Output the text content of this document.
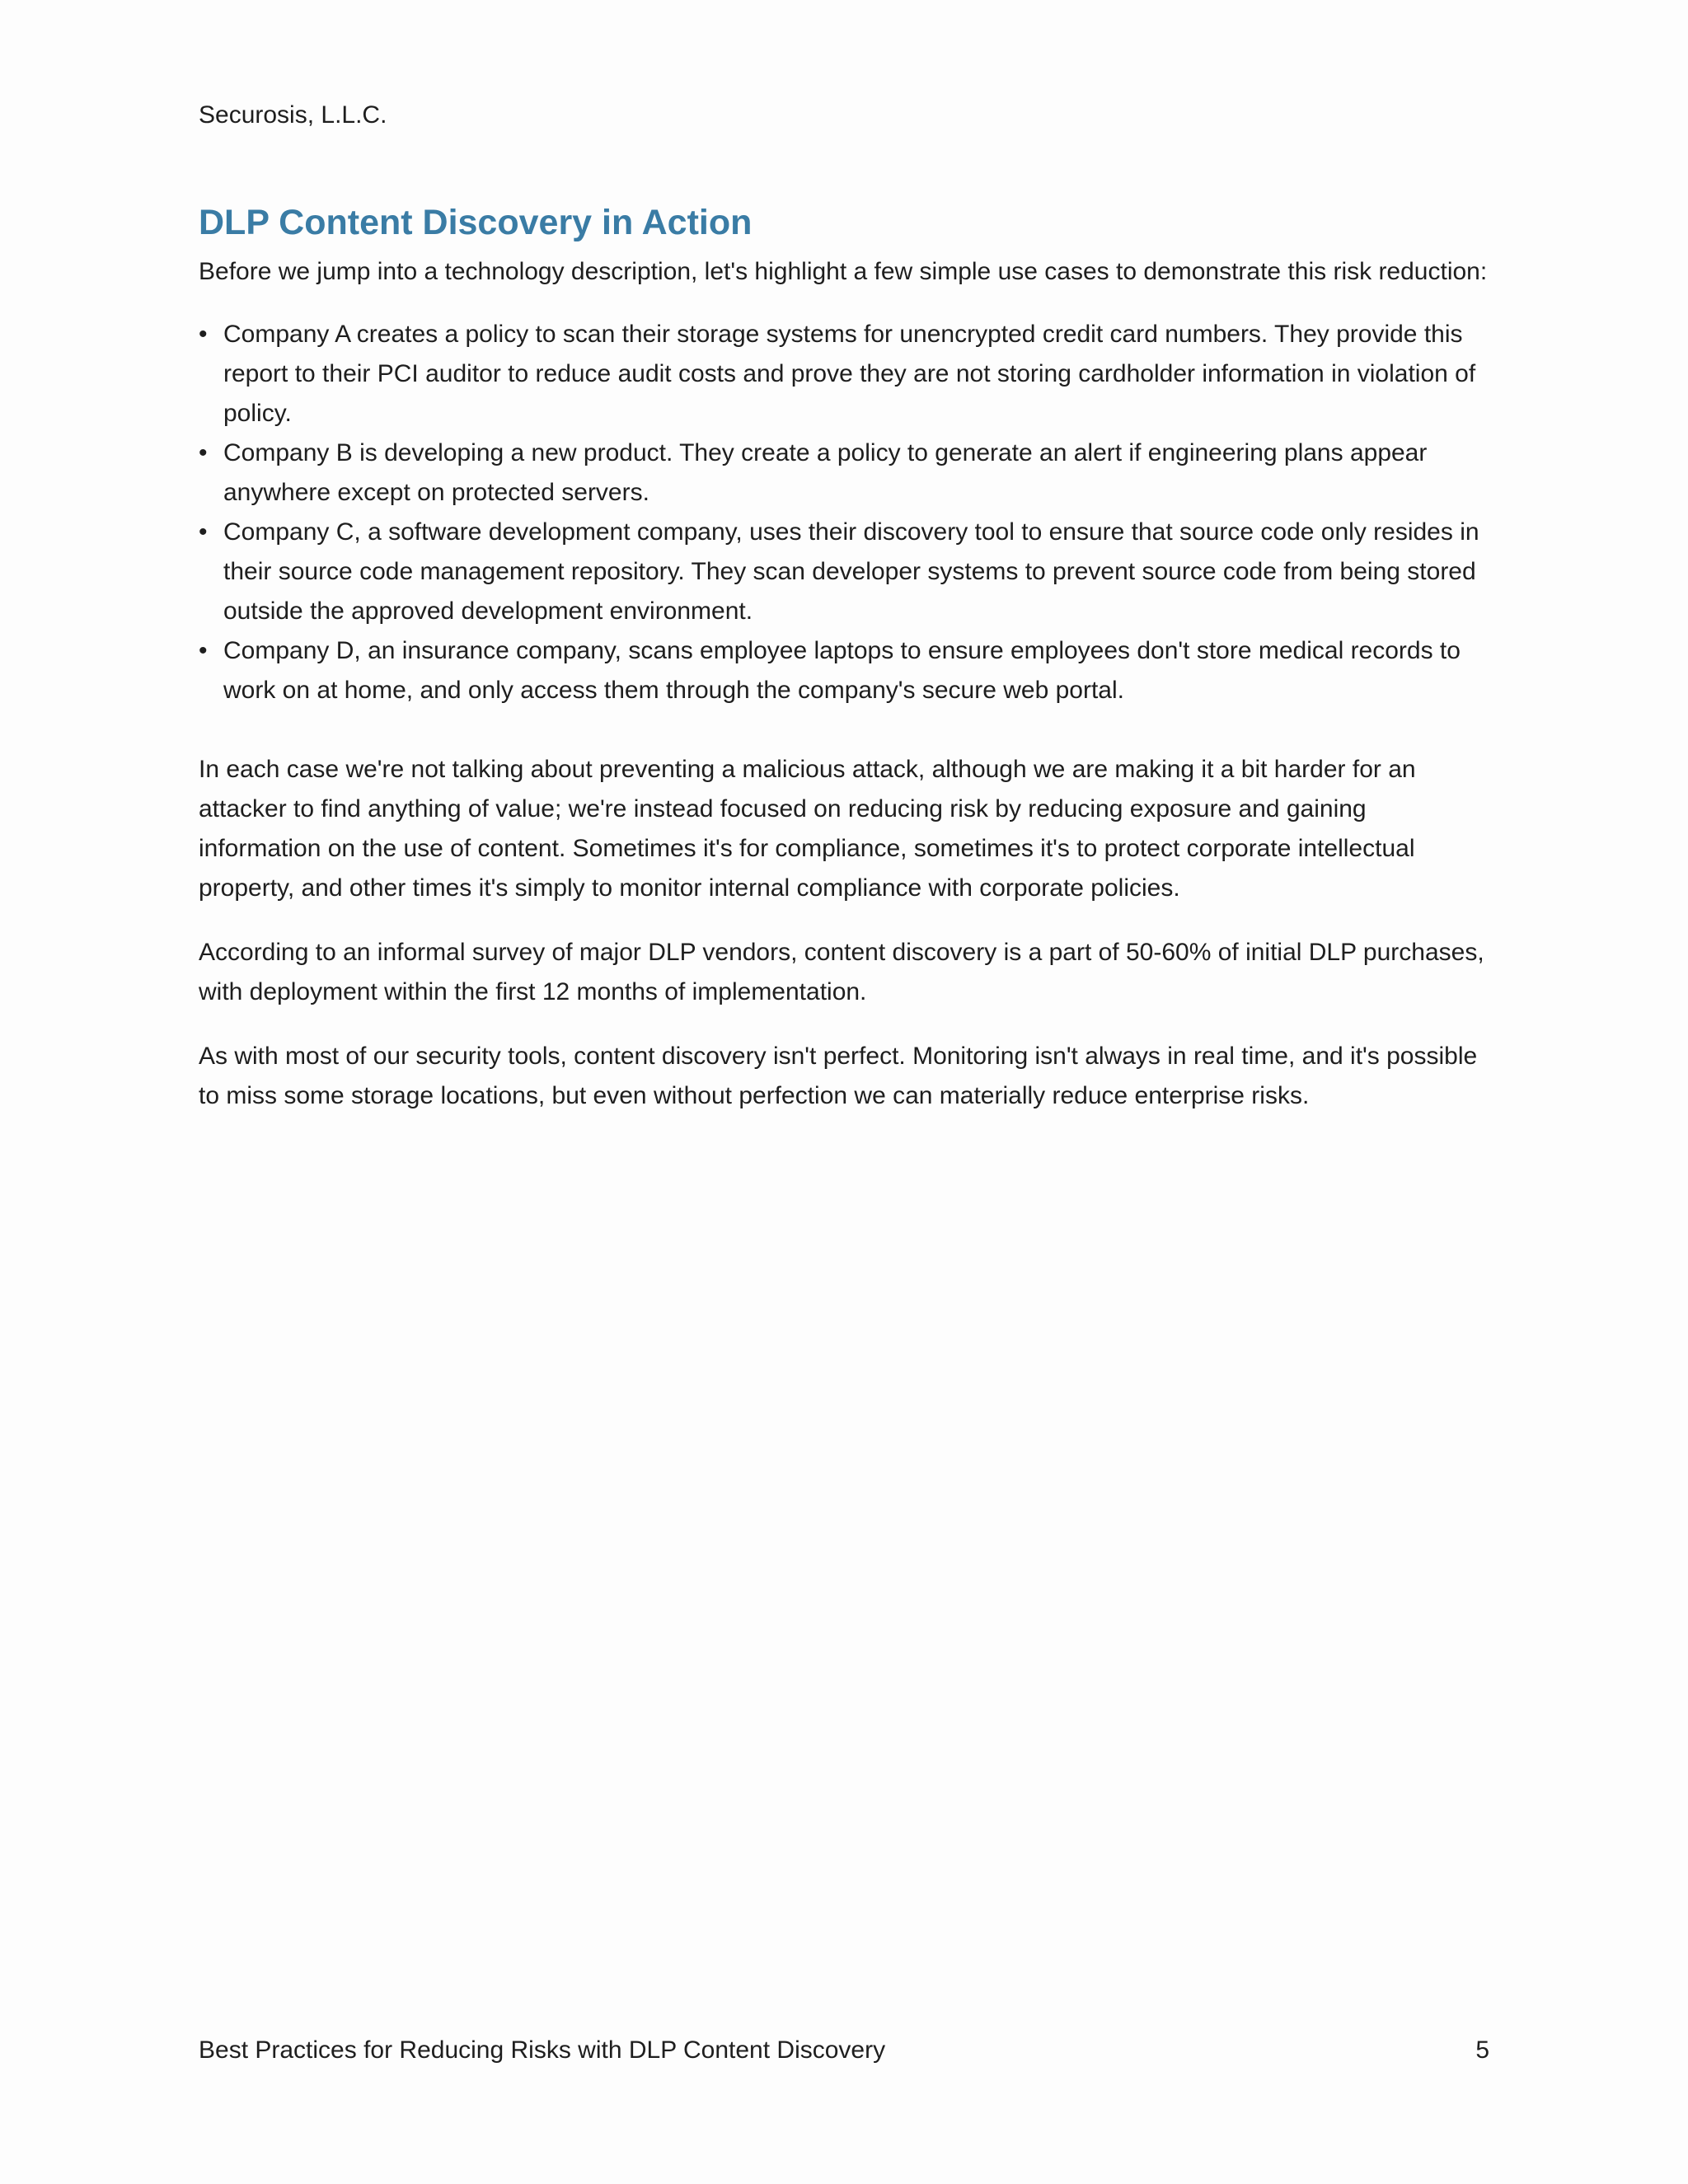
Securosis, L.L.C.
DLP Content Discovery in Action

Before we jump into a technology description, let's highlight a few simple use cases to demonstrate this risk reduction:

• Company A creates a policy to scan their storage systems for unencrypted credit card numbers. They provide this report to their PCI auditor to reduce audit costs and prove they are not storing cardholder information in violation of policy.
• Company B is developing a new product. They create a policy to generate an alert if engineering plans appear anywhere except on protected servers.
• Company C, a software development company, uses their discovery tool to ensure that source code only resides in their source code management repository. They scan developer systems to prevent source code from being stored outside the approved development environment.
• Company D, an insurance company, scans employee laptops to ensure employees don't store medical records to work on at home, and only access them through the company's secure web portal.

In each case we're not talking about preventing a malicious attack, although we are making it a bit harder for an attacker to find anything of value; we're instead focused on reducing risk by reducing exposure and gaining information on the use of content. Sometimes it's for compliance, sometimes it's to protect corporate intellectual property, and other times it's simply to monitor internal compliance with corporate policies.

According to an informal survey of major DLP vendors, content discovery is a part of 50-60% of initial DLP purchases, with deployment within the first 12 months of implementation.

As with most of our security tools, content discovery isn't perfect. Monitoring isn't always in real time, and it's possible to miss some storage locations, but even without perfection we can materially reduce enterprise risks.

Best Practices for Reducing Risks with DLP Content Discovery	5
